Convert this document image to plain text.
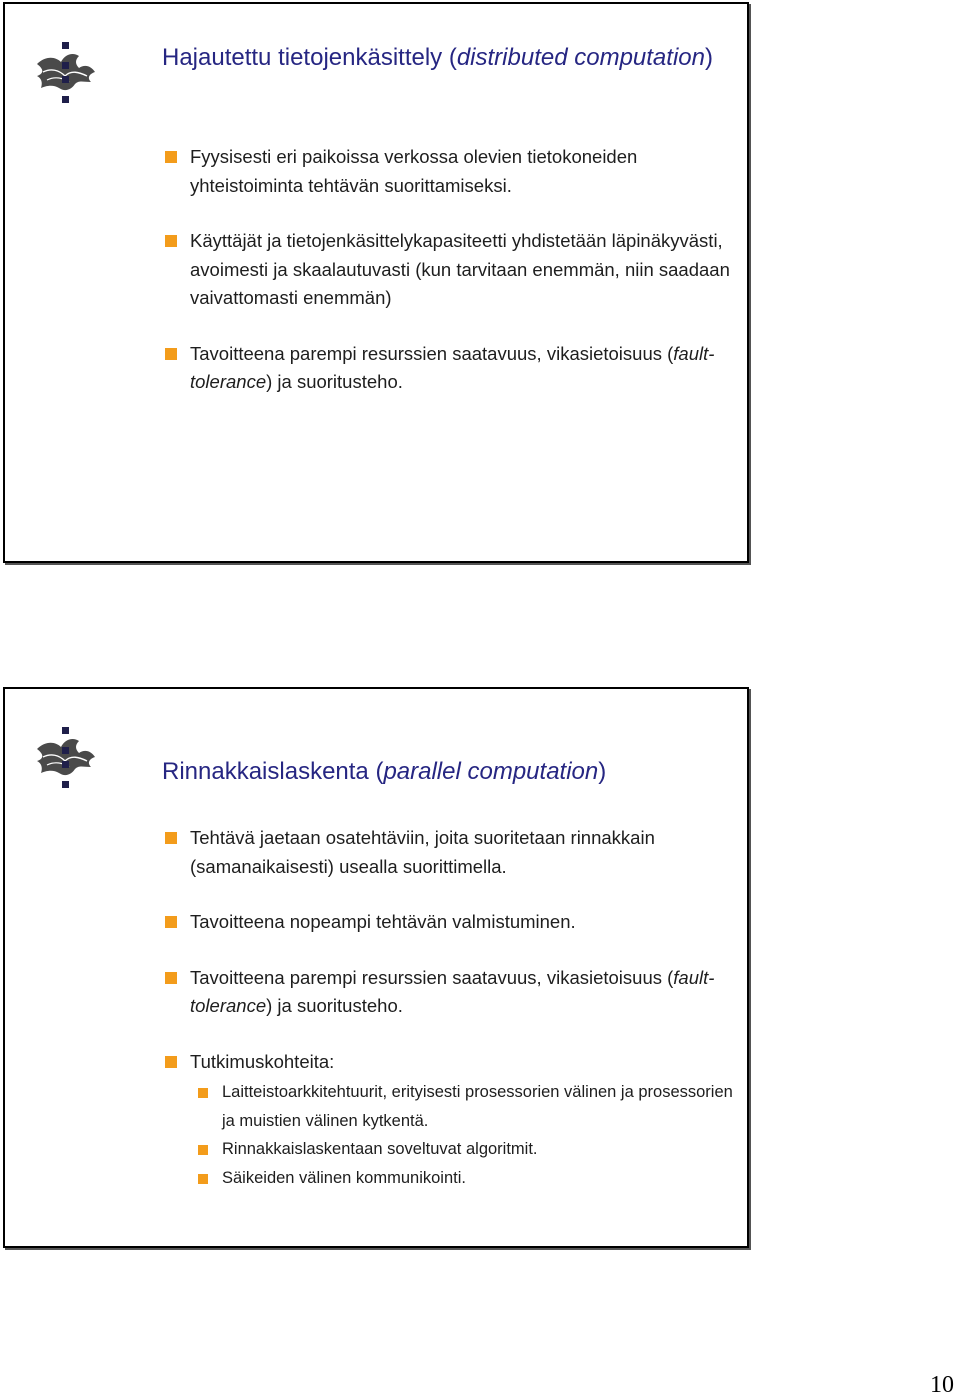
Hajautettu tietojenkäsittely (distributed computation)
Fyysisesti eri paikoissa verkossa olevien tietokoneiden yhteistoiminta tehtävän suorittamiseksi.
Käyttäjät ja tietojenkäsittelykapasiteetti yhdistetään läpinäkyvästi, avoimesti ja skaalautuvasti (kun tarvitaan enemmän, niin saadaan vaivattomasti enemmän)
Tavoitteena parempi resurssien saatavuus, vikasietoisuus (fault-tolerance) ja suoritusteho.
Rinnakkaislaskenta (parallel computation)
Tehtävä jaetaan osatehtäviin, joita suoritetaan rinnakkain (samanaikaisesti) usealla suorittimella.
Tavoitteena nopeampi tehtävän valmistuminen.
Tavoitteena parempi resurssien saatavuus, vikasietoisuus (fault-tolerance) ja suoritusteho.
Tutkimuskohteita:
Laitteistoarkkitehtuurit, erityisesti prosessorien välinen ja prosessorien ja muistien välinen kytkentä.
Rinnakkaislaskentaan soveltuvat algoritmit.
Säikeiden välinen kommunikointi.
10
